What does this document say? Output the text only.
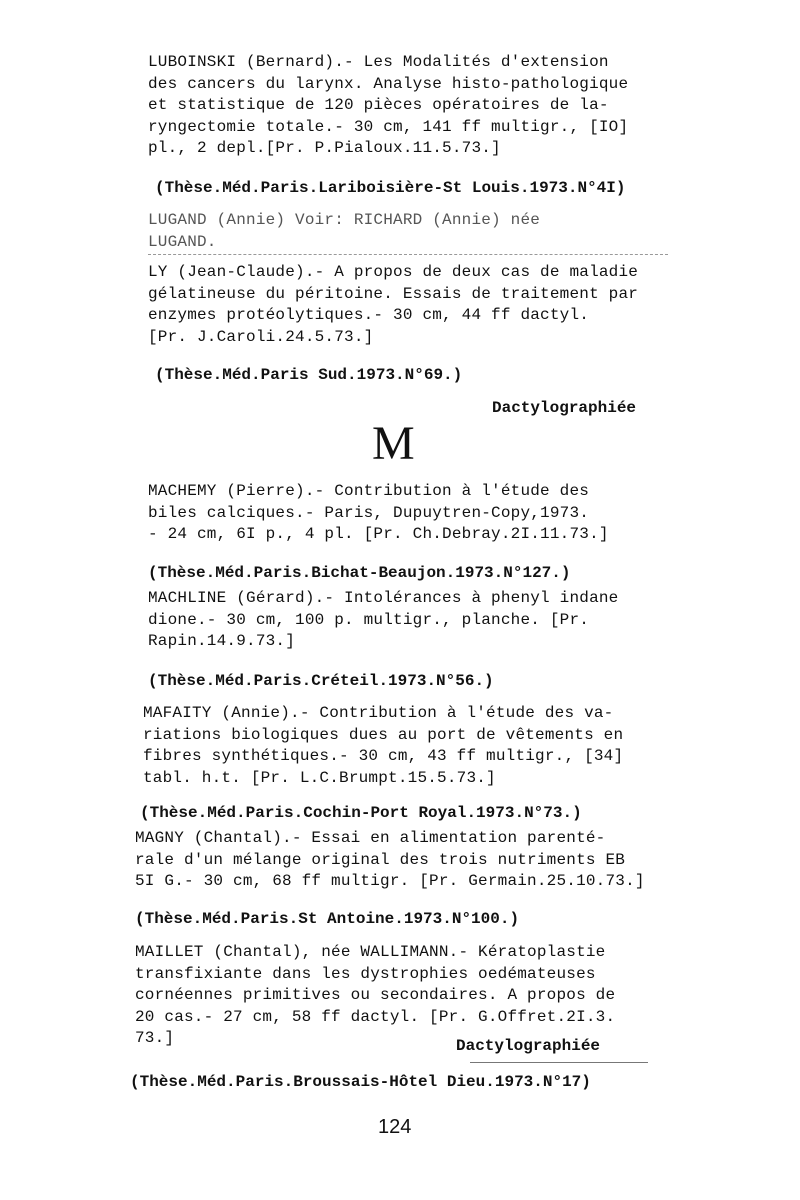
LUBOINSKI (Bernard).- Les Modalités d'extension
des cancers du larynx. Analyse histo-pathologique
et statistique de 120 pièces opératoires de la-
ryngectomie totale.- 30 cm, 141 ff multigr., [IO]
pl., 2 depl.[Pr. P.Pialoux.11.5.73.]
(Thèse.Méd.Paris.Lariboisière-St Louis.1973.N°4I)
LUGAND (Annie) Voir: RICHARD (Annie) née
LUGAND.
LY (Jean-Claude).- A propos de deux cas de maladie
gélatineuse du péritoine. Essais de traitement par
enzymes protéolytiques.- 30 cm, 44 ff dactyl.
[Pr. J.Caroli.24.5.73.]
(Thèse.Méd.Paris Sud.1973.N°69.)
Dactylographiée
M
MACHEMY (Pierre).- Contribution à l'étude des
biles calciques.- Paris, Dupuytren-Copy,1973.
- 24 cm, 6I p., 4 pl. [Pr. Ch.Debray.2I.11.73.]
(Thèse.Méd.Paris.Bichat-Beaujon.1973.N°127.)
MACHLINE (Gérard).- Intolérances à phenyl indane
dione.- 30 cm, 100 p. multigr., planche. [Pr.
Rapin.14.9.73.]
(Thèse.Méd.Paris.Créteil.1973.N°56.)
MAFAITY (Annie).- Contribution à l'étude des va-
riations biologiques dues au port de vêtements en
fibres synthétiques.- 30 cm, 43 ff multigr., [34]
tabl. h.t. [Pr. L.C.Brumpt.15.5.73.]
(Thèse.Méd.Paris.Cochin-Port Royal.1973.N°73.)
MAGNY (Chantal).- Essai en alimentation parenté-
rale d'un mélange original des trois nutriments EB
5I G.- 30 cm, 68 ff multigr. [Pr. Germain.25.10.73.]
(Thèse.Méd.Paris.St Antoine.1973.N°100.)
MAILLET (Chantal), née WALLIMANN.- Kératoplastie
transfixiante dans les dystrophies oedémateuses
cornéennes primitives ou secondaires. A propos de
20 cas.- 27 cm, 58 ff dactyl. [Pr. G.Offret.2I.3.
73.]	Dactylographiée
(Thèse.Méd.Paris.Broussais-Hôtel Dieu.1973.N°17)
124
